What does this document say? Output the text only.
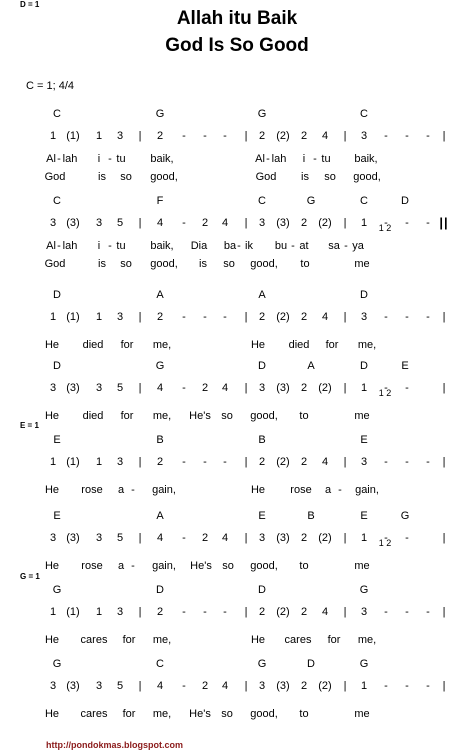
Allah itu Baik
God Is So Good
C = 1; 4/4
C	G	G	C
1 (1) 1 3 | 2 - - - | 2 (2) 2 4 | 3 - - - |
Al - lah i - tu baik,	Al - lah i - tu baik,
God	is so good,	God is so good,
C	F	C	G	C	D
3 (3) 3 5 | 4 - 2 4 | 3 (3) 2 (2) | 1 - - - ||
1 2
Al - lah i - tu baik, Dia ba - ik bu - at sa - ya
God	is so good, is so good, to	me
D = 1
D	A	A	D
1 (1) 1 3 | 2 - - - | 2 (2) 2 4 | 3 - - - |
He died for me,	He died for me,
D	G	D	A	D	E
3 (3) 3 5 | 4 - 2 4 | 3 (3) 2 (2) | 1 - -	|
1 2
He died for me, He's so good, to	me
E = 1
E	B	B	E
1 (1) 1 3 | 2 - - - | 2 (2) 2 4 | 3 - - - |
He rose a - gain,	He rose a - gain,
E	A	E	B	E	G
3 (3) 3 5 | 4 - 2 4 | 3 (3) 2 (2) | 1 - -	|
1 2
He rose a - gain, He's so good, to	me
G = 1
G	D	D	G
1 (1) 1 3 | 2 - - - | 2 (2) 2 4 | 3 - - - |
He cares for me,	He cares for me,
G	C	G	D	G
3 (3) 3 5 | 4 - 2 4 | 3 (3) 2 (2) | 1 - - - |
He cares for me, He's so good, to	me
http://pondokmas.blogspot.com
